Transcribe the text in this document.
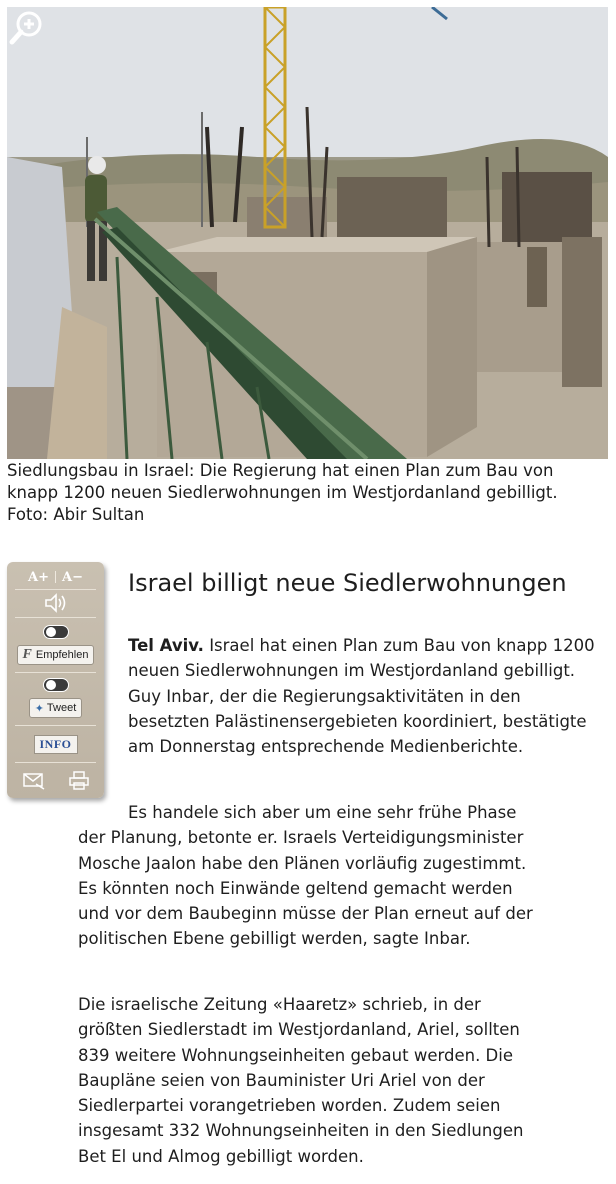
Siedlungsbau in Israel: Die Regierung hat einen Plan zum Bau von knapp 1200 neuen Siedlerwohnungen im Westjordanland gebilligt.
Foto: Abir Sultan
A+	A−
F Empfehlen
✦ Tweet
INFO
Israel billigt neue Siedlerwohnungen

Tel Aviv. Israel hat einen Plan zum Bau von knapp 1200 neuen Siedlerwohnungen im Westjordanland gebilligt. Guy Inbar, der die Regierungsaktivitäten in den besetzten Palästinensergebieten koordiniert, bestätigte am Donnerstag entsprechende Medienberichte.

Es handele sich aber um eine sehr frühe Phase der Planung, betonte er. Israels Verteidigungsminister Mosche Jaalon habe den Plänen vorläufig zugestimmt. Es könnten noch Einwände geltend gemacht werden und vor dem Baubeginn müsse der Plan erneut auf der politischen Ebene gebilligt werden, sagte Inbar.

Die israelische Zeitung «Haaretz» schrieb, in der größten Siedlerstadt im Westjordanland, Ariel, sollten 839 weitere Wohnungseinheiten gebaut werden. Die Baupläne seien von Bauminister Uri Ariel von der Siedlerpartei vorangetrieben worden. Zudem seien insgesamt 332 Wohnungseinheiten in den Siedlungen Bet El und Almog gebilligt worden.
